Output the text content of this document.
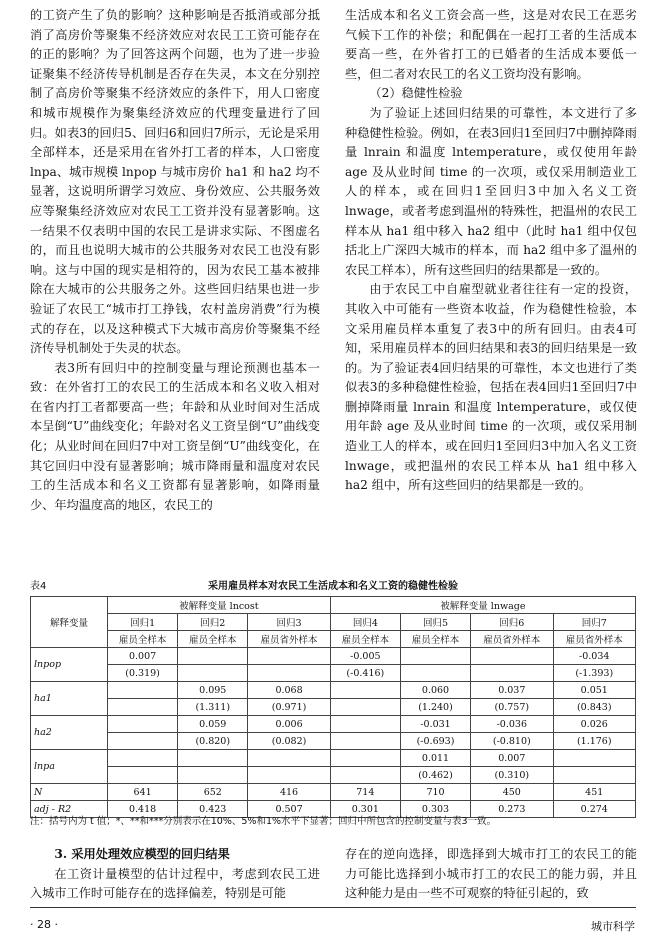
的工资产生了负的影响？这种影响是否抵消或部分抵消了高房价等聚集不经济效应对农民工工资可能存在的正的影响？为了回答这两个问题，也为了进一步验证聚集不经济传导机制是否存在失灵，本文在分别控制了高房价等聚集不经济效应的条件下，用人口密度和城市规模作为聚集经济效应的代理变量进行了回归。如表3的回归5、回归6和回归7所示，无论是采用全部样本，还是采用在省外打工者的样本，人口密度 lnpa、城市规模 lnpop 与城市房价 ha1 和 ha2 均不显著，这说明所谓学习效应、身份效应、公共服务效应等聚集经济效应对农民工工资并没有显著影响。这一结果不仅表明中国的农民工是讲求实际、不图虚名的，而且也说明大城市的公共服务对农民工也没有影响。这与中国的现实是相符的，因为农民工基本被排除在大城市的公共服务之外。这些回归结果也进一步验证了农民工“城市打工挣钱，农村盖房消费”行为模式的存在，以及这种模式下大城市高房价等聚集不经济传导机制处于失灵的状态。

表3所有回归中的控制变量与理论预测也基本一致：在外省打工的农民工的生活成本和名义收入相对在省内打工者都要高一些；年龄和从业时间对生活成本呈倒“U”曲线变化；年龄对名义工资呈倒“U”曲线变化；从业时间在回归7中对工资呈倒“U”曲线变化，在其它回归中没有显著影响；城市降雨量和温度对农民工的生活成本和名义工资都有显著影响，如降雨量少、年均温度高的地区，农民工的

生活成本和名义工资会高一些，这是对农民工在恶劣气候下工作的补偿；和配偶在一起打工者的生活成本要高一些，在外省打工的已婚者的生活成本要低一些，但二者对农民工的名义工资均没有影响。

（2）稳健性检验

为了验证上述回归结果的可靠性，本文进行了多种稳健性检验。例如，在表3回归1至回归7中删掉降雨量 lnrain 和温度 lntemperature，或仅使用年龄 age 及从业时间 time 的一次项，或仅采用制造业工人的样本，或在回归1至回归3中加入名义工资 lnwage，或者考虑到温州的特殊性，把温州的农民工样本从 ha1 组中移入 ha2 组中（此时 ha1 组中仅包括北上广深四大城市的样本，而 ha2 组中多了温州的农民工样本），所有这些回归的结果都是一致的。

由于农民工中自雇型就业者往往有一定的投资，其收入中可能有一些资本收益，作为稳健性检验，本文采用雇员样本重复了表3中的所有回归。由表4可知，采用雇员样本的回归结果和表3的回归结果是一致的。为了验证表4回归结果的可靠性，本文也进行了类似表3的多种稳健性检验，包括在表4回归1至回归7中删掉降雨量 lnrain 和温度 lntemperature，或仅使用年龄 age 及从业时间 time 的一次项，或仅采用制造业工人的样本，或在回归1至回归3中加入名义工资 lnwage，或把温州的农民工样本从 ha1 组中移入 ha2 组中，所有这些回归的结果都是一致的。

表4	采用雇员样本对农民工生活成本和名义工资的稳健性检验
解释变量	被解释变量 lncost			被解释变量 lnwage			
	回归1	回归2	回归3	回归4	回归5	回归6	回归7
	雇员全样本	雇员全样本	雇员省外样本	雇员全样本	雇员全样本	雇员省外样本	雇员省外样本
lnpop	0.007			-0.005			-0.034
	(0.319)			(-0.416)			(-1.393)
ha1		0.095	0.068		0.060	0.037	0.051
		(1.311)	(0.971)		(1.240)	(0.757)	(0.843)
ha2		0.059	0.006		-0.031	-0.036	0.026
		(0.820)	(0.082)		(-0.693)	(-0.810)	(1.176)
lnpa					0.011	0.007	
					(0.462)	(0.310)	
N	641	652	416	714	710	450	451
adj - R2	0.418	0.423	0.507	0.301	0.303	0.273	0.274
注：括号内为 t 值；*、**和***分别表示在10%、5%和1%水平下显著；回归中所包含的控制变量与表3一致。

3. 采用处理效应模型的回归结果

在工资计量模型的估计过程中，考虑到农民工进入城市工作时可能存在的选择偏差，特别是可能

存在的逆向选择，即选择到大城市打工的农民工的能力可能比选择到小城市打工的农民工的能力弱，并且这种能力是由一些不可观察的特征引起的，致

· 28 ·	城市科学
